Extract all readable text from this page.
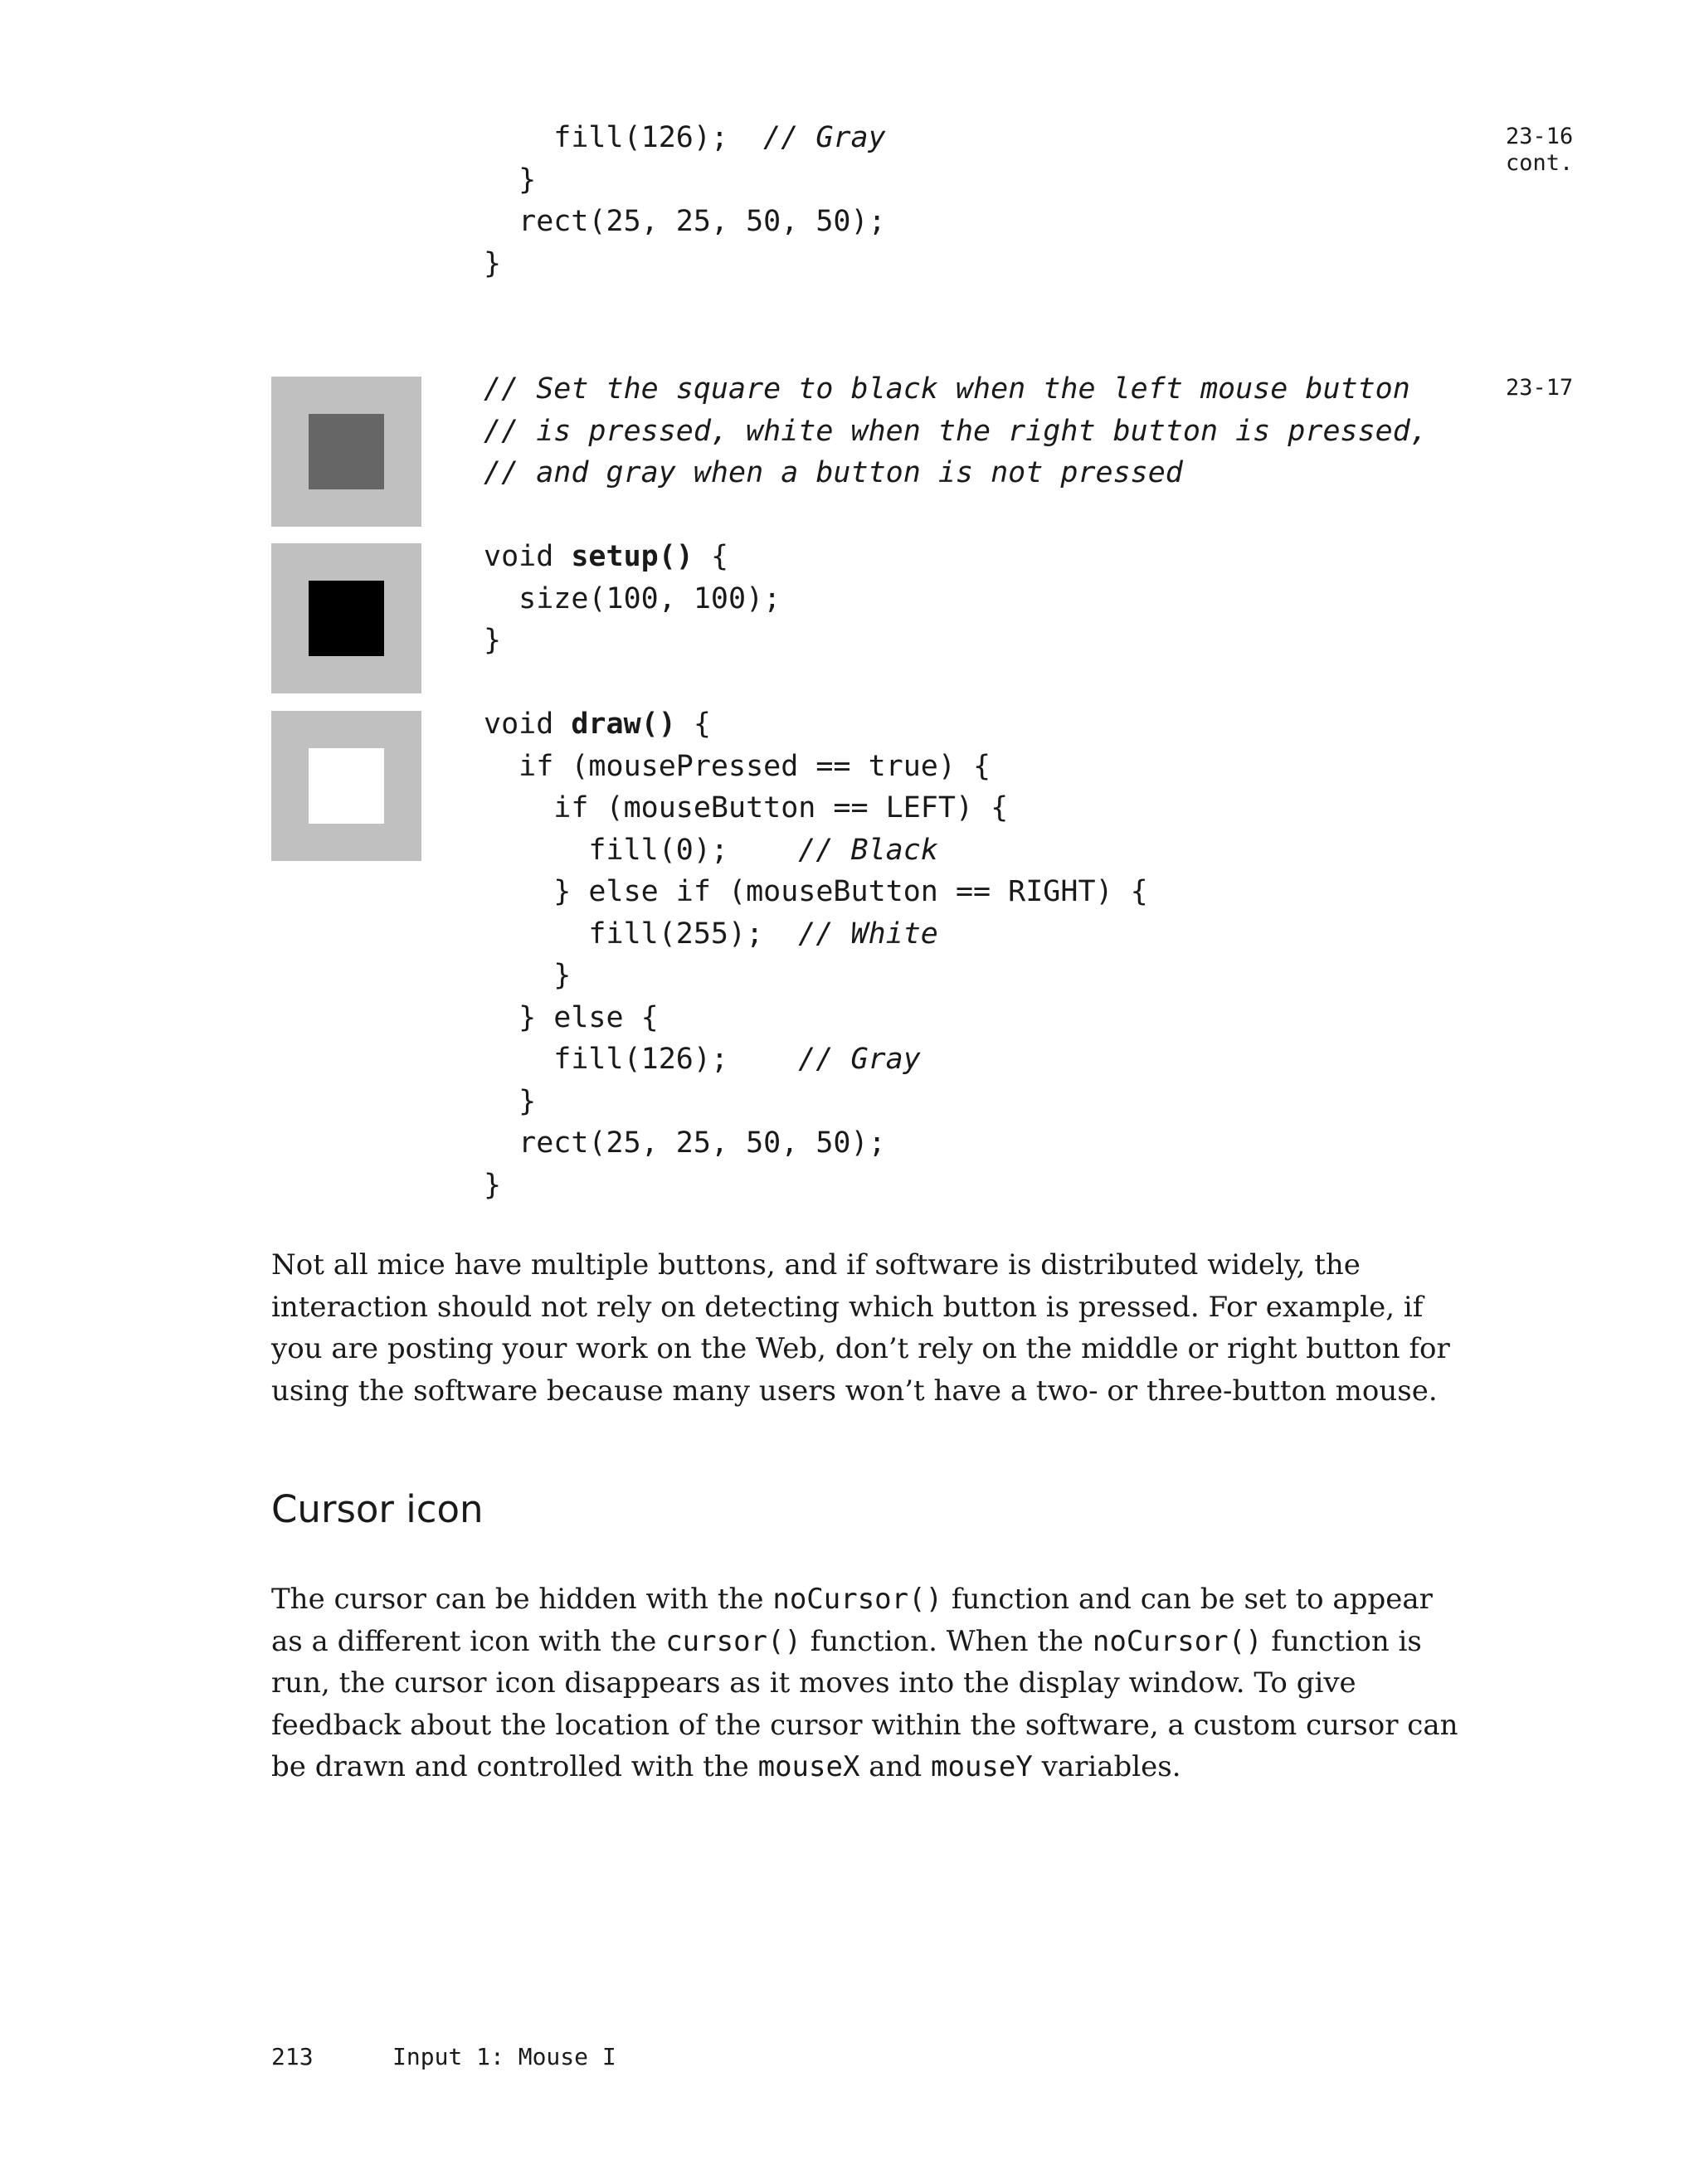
fill(126);  // Gray
}
rect(25, 25, 50, 50);
}
23-16
cont.
// Set the square to black when the left mouse button
// is pressed, white when the right button is pressed,
// and gray when a button is not pressed

void setup() {
size(100, 100);
}

void draw() {
if (mousePressed == true) {
if (mouseButton == LEFT) {
fill(0);    // Black
} else if (mouseButton == RIGHT) {
fill(255);  // White
}
} else {
fill(126);    // Gray
}
rect(25, 25, 50, 50);
}
23-17

Not all mice have multiple buttons, and if software is distributed widely, the interaction should not rely on detecting which button is pressed. For example, if you are posting your work on the Web, don’t rely on the middle or right button for using the software because many users won’t have a two- or three-button mouse.

Cursor icon

The cursor can be hidden with the noCursor() function and can be set to appear as a different icon with the cursor() function. When the noCursor() function is run, the cursor icon disappears as it moves into the display window. To give feedback about the location of the cursor within the software, a custom cursor can be drawn and controlled with the mouseX and mouseY variables.

213	Input 1: Mouse I
